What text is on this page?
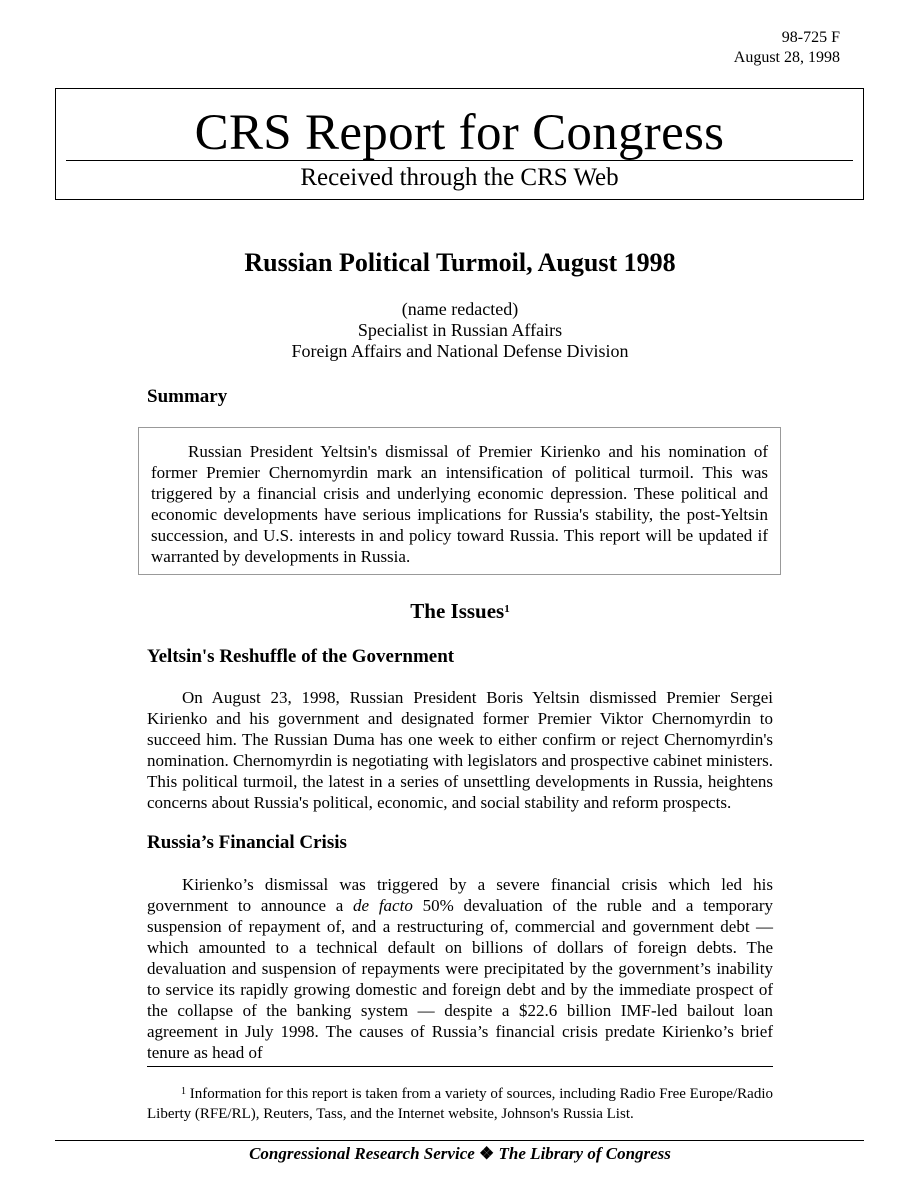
98-725 F
August 28, 1998
CRS Report for Congress
Received through the CRS Web
Russian Political Turmoil, August 1998
(name redacted)
Specialist in Russian Affairs
Foreign Affairs and National Defense Division
Summary

Russian President Yeltsin's dismissal of Premier Kirienko and his nomination of former Premier Chernomyrdin mark an intensification of political turmoil. This was triggered by a financial crisis and underlying economic depression. These political and economic developments have serious implications for Russia's stability, the post-Yeltsin succession, and U.S. interests in and policy toward Russia. This report will be updated if warranted by developments in Russia.

The Issues$^1$
Yeltsin's Reshuffle of the Government

On August 23, 1998, Russian President Boris Yeltsin dismissed Premier Sergei Kirienko and his government and designated former Premier Viktor Chernomyrdin to succeed him. The Russian Duma has one week to either confirm or reject Chernomyrdin's nomination. Chernomyrdin is negotiating with legislators and prospective cabinet ministers. This political turmoil, the latest in a series of unsettling developments in Russia, heightens concerns about Russia's political, economic, and social stability and reform prospects.

Russia’s Financial Crisis

Kirienko’s dismissal was triggered by a severe financial crisis which led his government to announce a de facto 50% devaluation of the ruble and a temporary suspension of repayment of, and a restructuring of, commercial and government debt — which amounted to a technical default on billions of dollars of foreign debts. The devaluation and suspension of repayments were precipitated by the government’s inability to service its rapidly growing domestic and foreign debt and by the immediate prospect of the collapse of the banking system — despite a $22.6 billion IMF-led bailout loan agreement in July 1998. The causes of Russia’s financial crisis predate Kirienko’s brief tenure as head of

$^1$ Information for this report is taken from a variety of sources, including Radio Free Europe/Radio Liberty (RFE/RL), Reuters, Tass, and the Internet website, Johnson's Russia List.

Congressional Research Service ❖ The Library of Congress
